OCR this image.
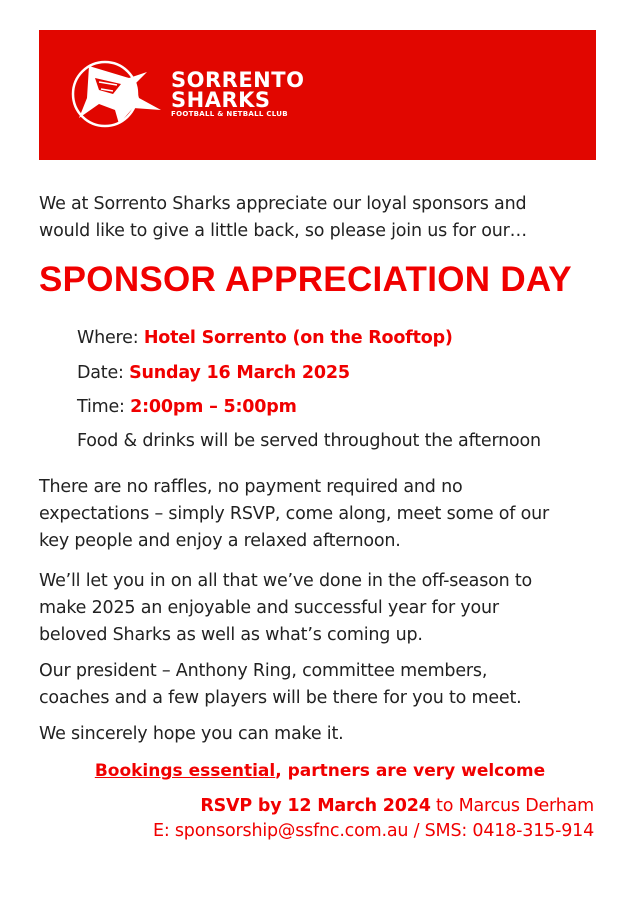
SORRENTO
SHARKS
FOOTBALL & NETBALL CLUB
We at Sorrento Sharks appreciate our loyal sponsors and
would like to give a little back, so please join us for our…
SPONSOR APPRECIATION DAY
Where: Hotel Sorrento (on the Rooftop)
Date: Sunday 16 March 2025
Time: 2:00pm – 5:00pm
Food & drinks will be served throughout the afternoon
There are no raffles, no payment required and no
expectations – simply RSVP, come along, meet some of our
key people and enjoy a relaxed afternoon.
We’ll let you in on all that we’ve done in the off-season to
make 2025 an enjoyable and successful year for your
beloved Sharks as well as what’s coming up.
Our president – Anthony Ring, committee members,
coaches and a few players will be there for you to meet.
We sincerely hope you can make it.
Bookings essential, partners are very welcome
RSVP by 12 March 2024 to Marcus Derham
E: sponsorship@ssfnc.com.au / SMS: 0418-315-914
